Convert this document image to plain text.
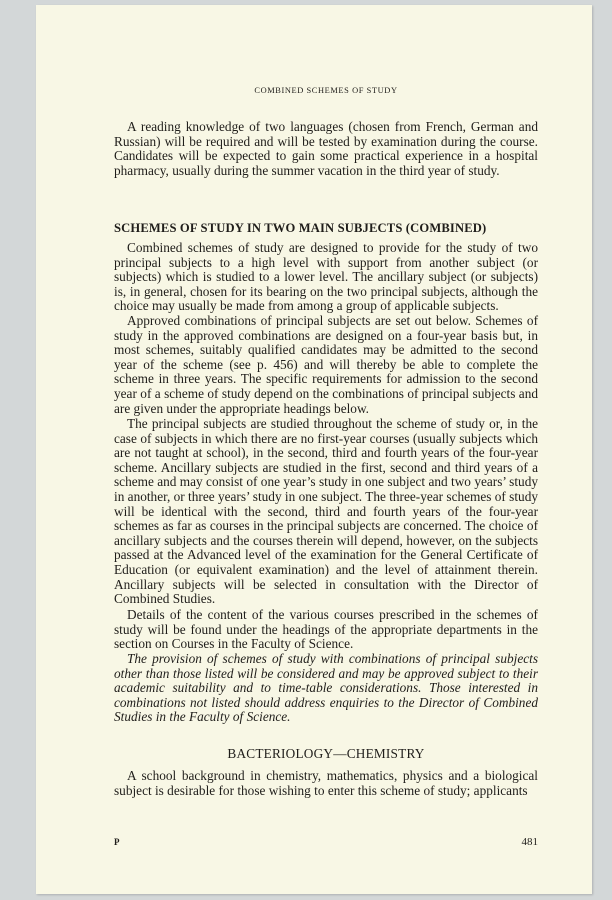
COMBINED SCHEMES OF STUDY

A reading knowledge of two languages (chosen from French, German and Russian) will be required and will be tested by examination during the course. Candidates will be expected to gain some practical experience in a hospital pharmacy, usually during the summer vacation in the third year of study.

SCHEMES OF STUDY IN TWO MAIN SUBJECTS (COMBINED)

Combined schemes of study are designed to provide for the study of two principal subjects to a high level with support from another subject (or subjects) which is studied to a lower level. The ancillary subject (or subjects) is, in general, chosen for its bearing on the two principal subjects, although the choice may usually be made from among a group of applicable subjects.

Approved combinations of principal subjects are set out below. Schemes of study in the approved combinations are designed on a four-year basis but, in most schemes, suitably qualified candidates may be admitted to the second year of the scheme (see p. 456) and will thereby be able to complete the scheme in three years. The specific requirements for admission to the second year of a scheme of study depend on the combinations of principal subjects and are given under the appropriate headings below.

The principal subjects are studied throughout the scheme of study or, in the case of subjects in which there are no first-year courses (usually subjects which are not taught at school), in the second, third and fourth years of the four-year scheme. Ancillary subjects are studied in the first, second and third years of a scheme and may consist of one year’s study in one subject and two years’ study in another, or three years’ study in one subject. The three-year schemes of study will be identical with the second, third and fourth years of the four-year schemes as far as courses in the principal subjects are concerned. The choice of ancillary subjects and the courses therein will depend, however, on the subjects passed at the Advanced level of the examination for the General Certificate of Education (or equivalent examination) and the level of attainment therein. Ancillary subjects will be selected in consultation with the Director of Combined Studies.

Details of the content of the various courses prescribed in the schemes of study will be found under the headings of the appropriate departments in the section on Courses in the Faculty of Science.

The provision of schemes of study with combinations of principal subjects other than those listed will be considered and may be approved subject to their academic suitability and to time-table considerations. Those interested in combinations not listed should address enquiries to the Director of Combined Studies in the Faculty of Science.

BACTERIOLOGY—CHEMISTRY

A school background in chemistry, mathematics, physics and a biological subject is desirable for those wishing to enter this scheme of study; applicants

P	481
